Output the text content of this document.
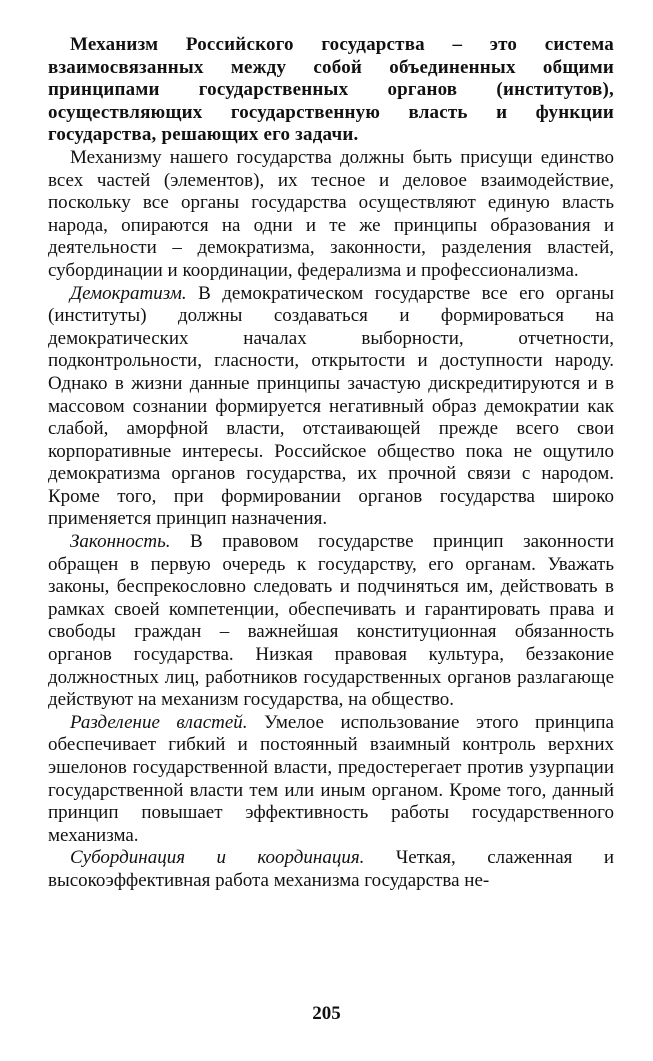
Механизм Российского государства – это система взаимосвязанных между собой объединенных общими принципами государственных органов (институтов), осуществляющих государственную власть и функции государства, решающих его задачи.

Механизму нашего государства должны быть присущи единство всех частей (элементов), их тесное и деловое взаимодействие, поскольку все органы государства осуществляют единую власть народа, опираются на одни и те же принципы образования и деятельности – демократизма, законности, разделения властей, субординации и координации, федерализма и профессионализма.

Демократизм. В демократическом государстве все его органы (институты) должны создаваться и формироваться на демократических началах выборности, отчетности, подконтрольности, гласности, открытости и доступности народу. Однако в жизни данные принципы зачастую дискредитируются и в массовом сознании формируется негативный образ демократии как слабой, аморфной власти, отстаивающей прежде всего свои корпоративные интересы. Российское общество пока не ощутило демократизма органов государства, их прочной связи с народом. Кроме того, при формировании органов государства широко применяется принцип назначения.

Законность. В правовом государстве принцип законности обращен в первую очередь к государству, его органам. Уважать законы, беспрекословно следовать и подчиняться им, действовать в рамках своей компетенции, обеспечивать и гарантировать права и свободы граждан – важнейшая конституционная обязанность органов государства. Низкая правовая культура, беззаконие должностных лиц, работников государственных органов разлагающе действуют на механизм государства, на общество.

Разделение властей. Умелое использование этого принципа обеспечивает гибкий и постоянный взаимный контроль верхних эшелонов государственной власти, предостерегает против узурпации государственной власти тем или иным органом. Кроме того, данный принцип повышает эффективность работы государственного механизма.

Субординация и координация. Четкая, слаженная и высокоэффективная работа механизма государства не-

205
